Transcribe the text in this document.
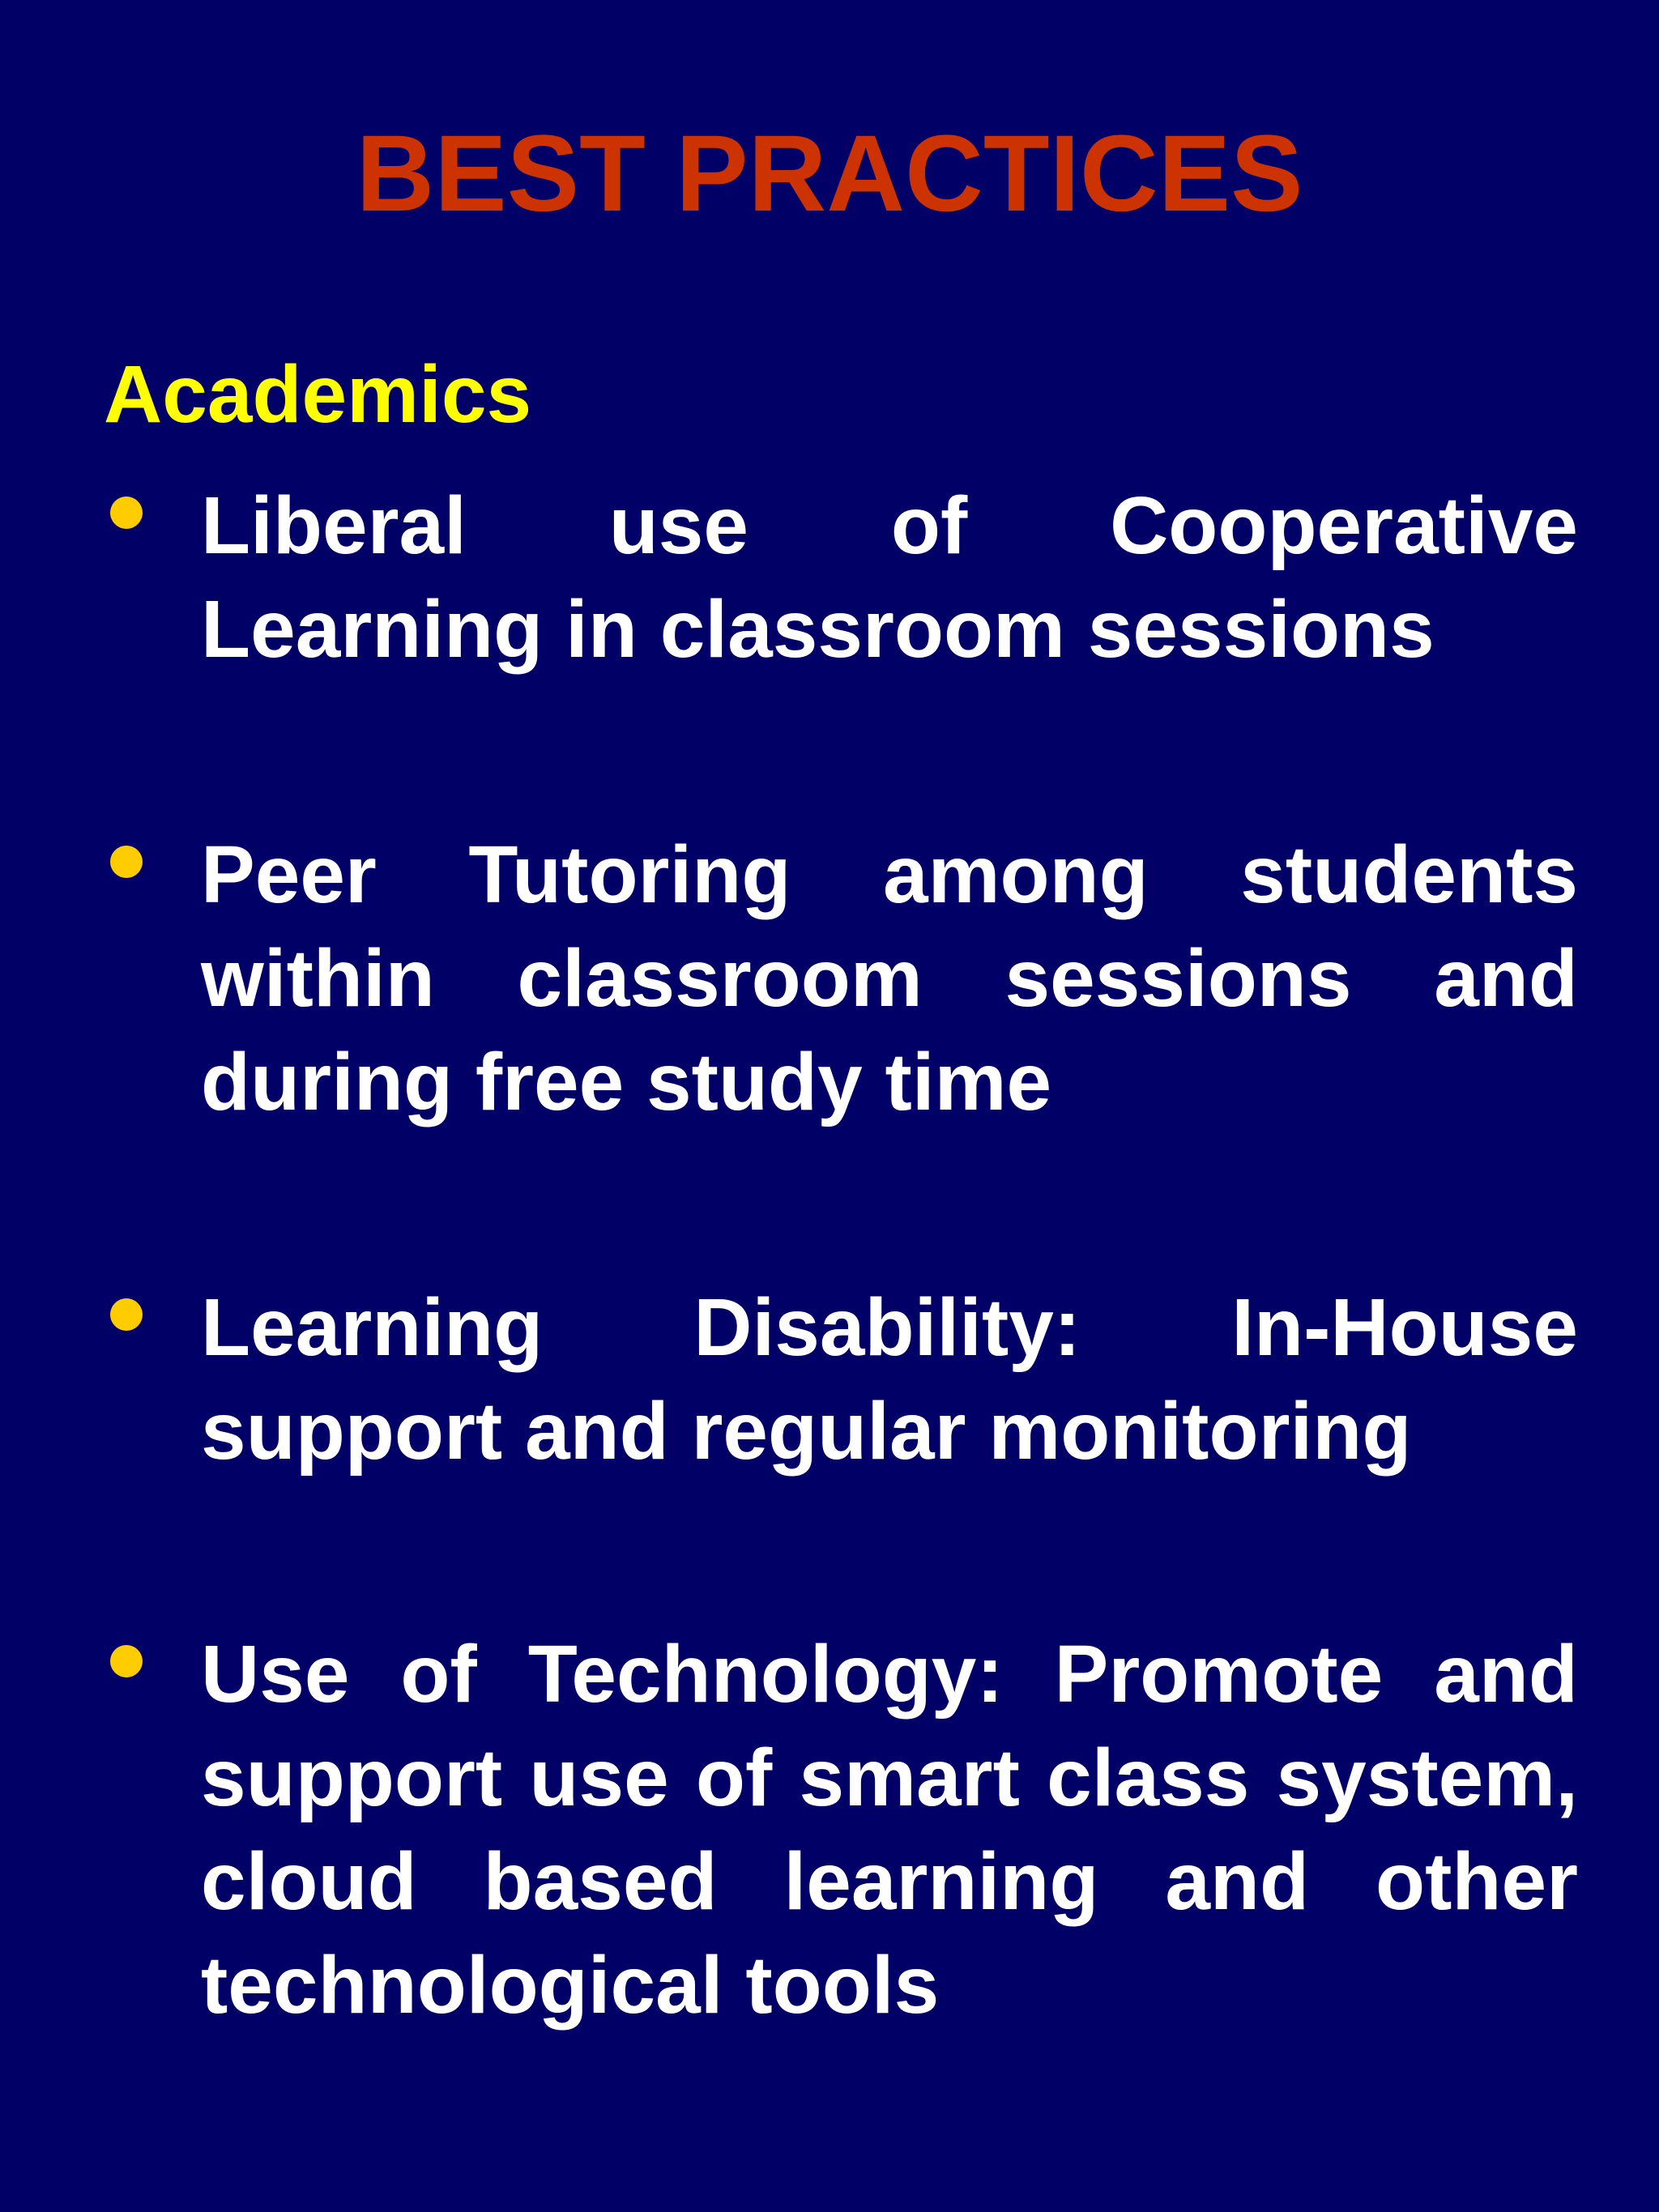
BEST PRACTICES
Academics
Liberal use of Cooperative Learning in classroom sessions
Peer Tutoring among students within classroom sessions and during free study time
Learning Disability: In-House support and regular monitoring
Use of Technology: Promote and support use of smart class system, cloud based learning and other technological tools
